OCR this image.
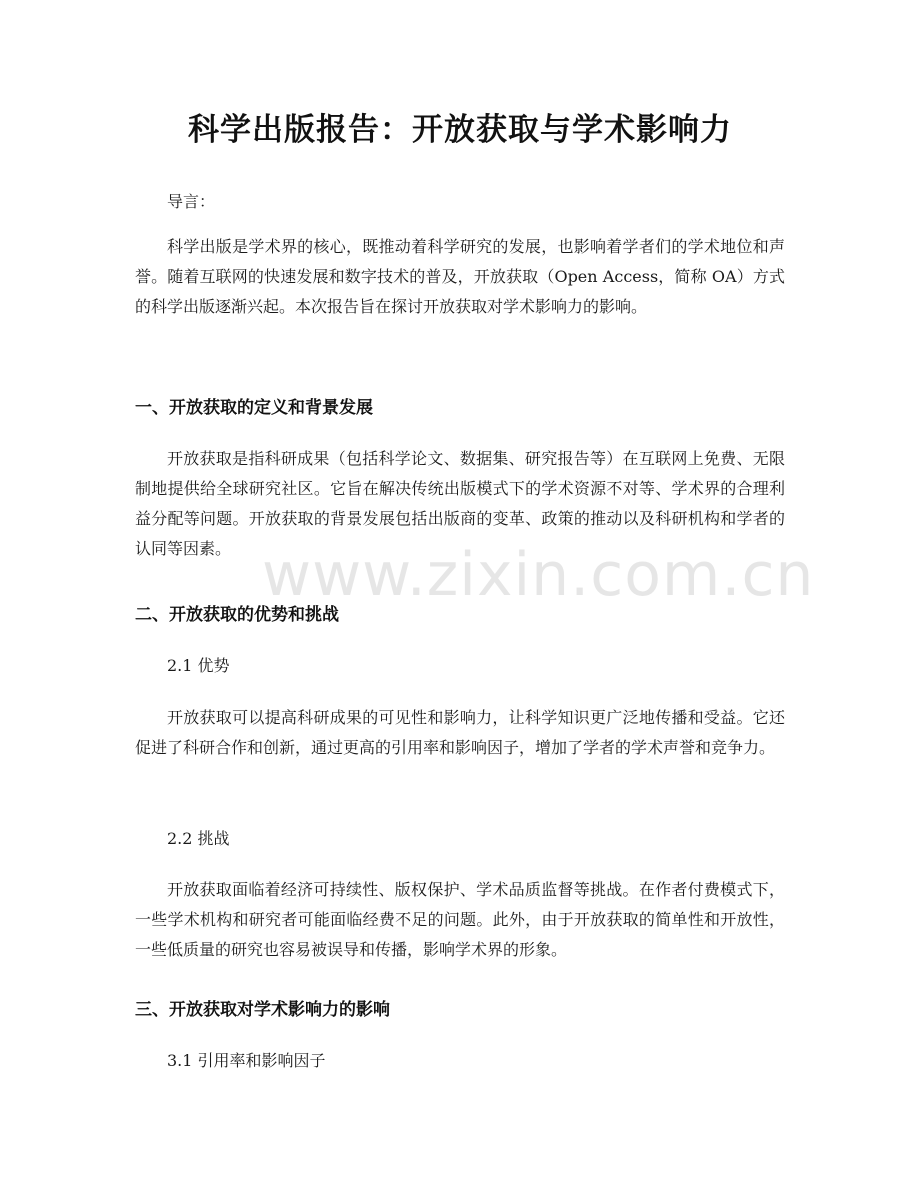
科学出版报告：开放获取与学术影响力
导言：
科学出版是学术界的核心，既推动着科学研究的发展，也影响着学者们的学术地位和声誉。随着互联网的快速发展和数字技术的普及，开放获取（Open Access，简称 OA）方式的科学出版逐渐兴起。本次报告旨在探讨开放获取对学术影响力的影响。
一、开放获取的定义和背景发展
开放获取是指科研成果（包括科学论文、数据集、研究报告等）在互联网上免费、无限制地提供给全球研究社区。它旨在解决传统出版模式下的学术资源不对等、学术界的合理利益分配等问题。开放获取的背景发展包括出版商的变革、政策的推动以及科研机构和学者的认同等因素。
二、开放获取的优势和挑战
2.1 优势
开放获取可以提高科研成果的可见性和影响力，让科学知识更广泛地传播和受益。它还促进了科研合作和创新，通过更高的引用率和影响因子，增加了学者的学术声誉和竞争力。
2.2 挑战
开放获取面临着经济可持续性、版权保护、学术品质监督等挑战。在作者付费模式下，一些学术机构和研究者可能面临经费不足的问题。此外，由于开放获取的简单性和开放性，一些低质量的研究也容易被误导和传播，影响学术界的形象。
三、开放获取对学术影响力的影响
3.1 引用率和影响因子
www.zixin.com.cn
